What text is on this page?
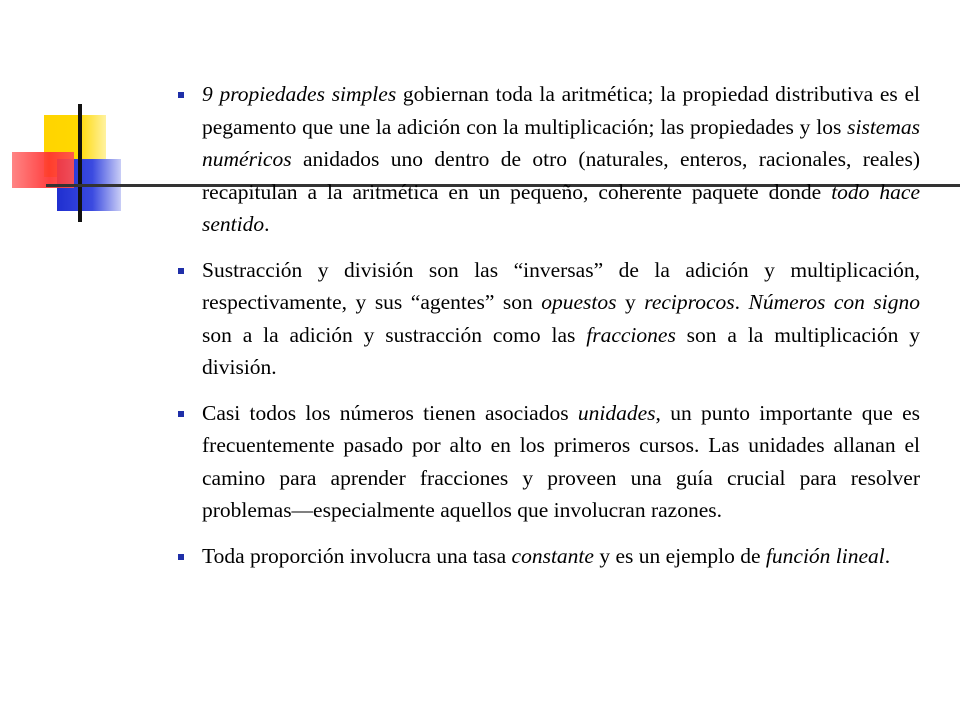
9 propiedades simples gobiernan toda la aritmética; la propiedad distributiva es el pegamento que une la adición con la multiplicación; las propiedades y los sistemas numéricos anidados uno dentro de otro (naturales, enteros, racionales, reales) recapitulan a la aritmética en un pequeño, coherente paquete donde todo hace sentido.
Sustracción y división son las “inversas” de la adición y multiplicación, respectivamente, y sus “agentes” son opuestos y reciprocos. Números con signo son a la adición y sustracción como las fracciones son a la multiplicación y división.
Casi todos los números tienen asociados unidades, un punto importante que es frecuentemente pasado por alto en los primeros cursos. Las unidades allanan el camino para aprender fracciones y proveen una guía crucial para resolver problemas—especialmente aquellos que involucran razones.
Toda proporción involucra una tasa constante y es un ejemplo de función lineal.
